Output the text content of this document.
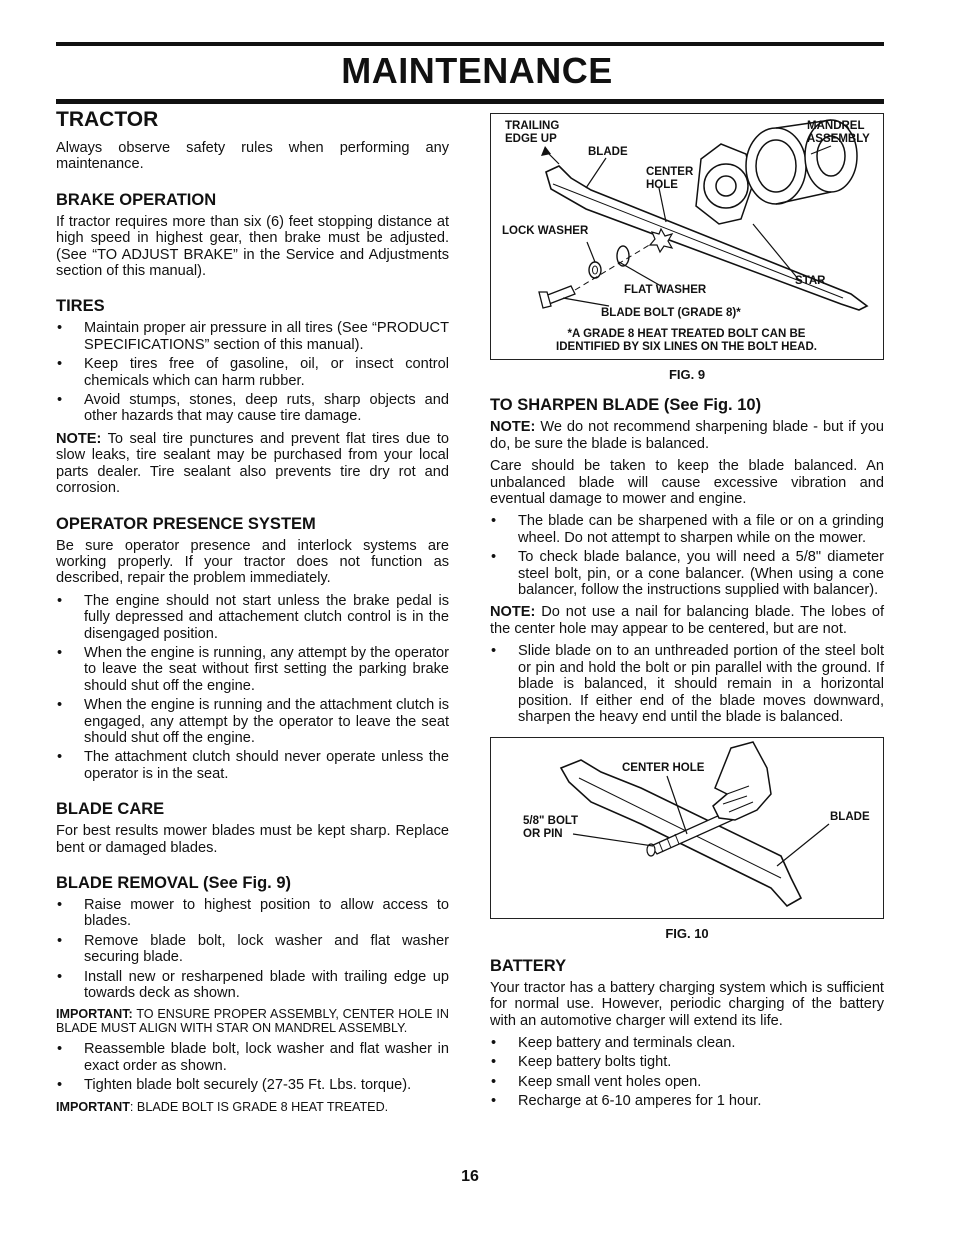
MAINTENANCE
TRACTOR

Always observe safety rules when performing any maintenance.

BRAKE OPERATION

If tractor requires more than six (6) feet stopping distance at high speed in highest gear, then brake must be adjusted. (See “TO ADJUST BRAKE” in the Service and Adjustments section of this manual).

TIRES
• Maintain proper air pressure in all tires (See “PRODUCT SPECIFICATIONS” section of this manual).
• Keep tires free of gasoline, oil, or insect control chemicals which can harm rubber.
• Avoid stumps, stones, deep ruts, sharp objects and other hazards that may cause tire damage.

NOTE: To seal tire punctures and prevent flat tires due to slow leaks, tire sealant may be purchased from your local parts dealer. Tire sealant also prevents tire dry rot and corrosion.

OPERATOR PRESENCE SYSTEM

Be sure operator presence and interlock systems are working properly. If your tractor does not function as described, repair the problem immediately.

• The engine should not start unless the brake pedal is fully depressed and attachement clutch control is in the disengaged position.
• When the engine is running, any attempt by the operator to leave the seat without first setting the parking brake should shut off the engine.
• When the engine is running and the attachment clutch is engaged, any attempt by the operator to leave the seat should shut off the engine.
• The attachment clutch should never operate unless the operator is in the seat.
BLADE CARE

For best results mower blades must be kept sharp. Replace bent or damaged blades.

BLADE REMOVAL (See Fig. 9)
• Raise mower to highest position to allow access to blades.
• Remove blade bolt, lock washer and flat washer securing blade.
• Install new or resharpened blade with trailing edge up towards deck as shown.

IMPORTANT: TO ENSURE PROPER ASSEMBLY, CENTER HOLE IN BLADE MUST ALIGN WITH STAR ON MANDREL ASSEMBLY.

• Reassemble blade bolt, lock washer and flat washer in exact order as shown.
• Tighten blade bolt securely (27-35 Ft. Lbs. torque).

IMPORTANT: BLADE BOLT IS GRADE 8 HEAT TREATED.

TRAILING
EDGE UP
BLADE
CENTER
HOLE
MANDREL
ASSEMBLY
LOCK WASHER
FLAT WASHER
STAR
BLADE BOLT (GRADE 8)*
*A GRADE 8 HEAT TREATED BOLT CAN BE
IDENTIFIED BY SIX LINES ON THE BOLT HEAD.

FIG. 9

TO SHARPEN BLADE (See Fig. 10)

NOTE: We do not recommend sharpening blade - but if you do, be sure the blade is balanced.

Care should be taken to keep the blade balanced. An unbalanced blade will cause excessive vibration and eventual damage to mower and engine.

• The blade can be sharpened with a file or on a grinding wheel. Do not attempt to sharpen while on the mower.
• To check blade balance, you will need a 5/8" diameter steel bolt, pin, or a cone balancer. (When using a cone balancer, follow the instructions supplied with balancer).

NOTE: Do not use a nail for balancing blade. The lobes of the center hole may appear to be centered, but are not.

• Slide blade on to an unthreaded portion of the steel bolt or pin and hold the bolt or pin parallel with the ground. If blade is balanced, it should remain in a horizontal position. If either end of the blade moves downward, sharpen the heavy end until the blade is balanced.
CENTER HOLE
5/8" BOLT
OR PIN
BLADE

FIG. 10

BATTERY

Your tractor has a battery charging system which is sufficient for normal use. However, periodic charging of the battery with an automotive charger will extend its life.

• Keep battery and terminals clean.
• Keep battery bolts tight.
• Keep small vent holes open.
• Recharge at 6-10 amperes for 1 hour.
16
